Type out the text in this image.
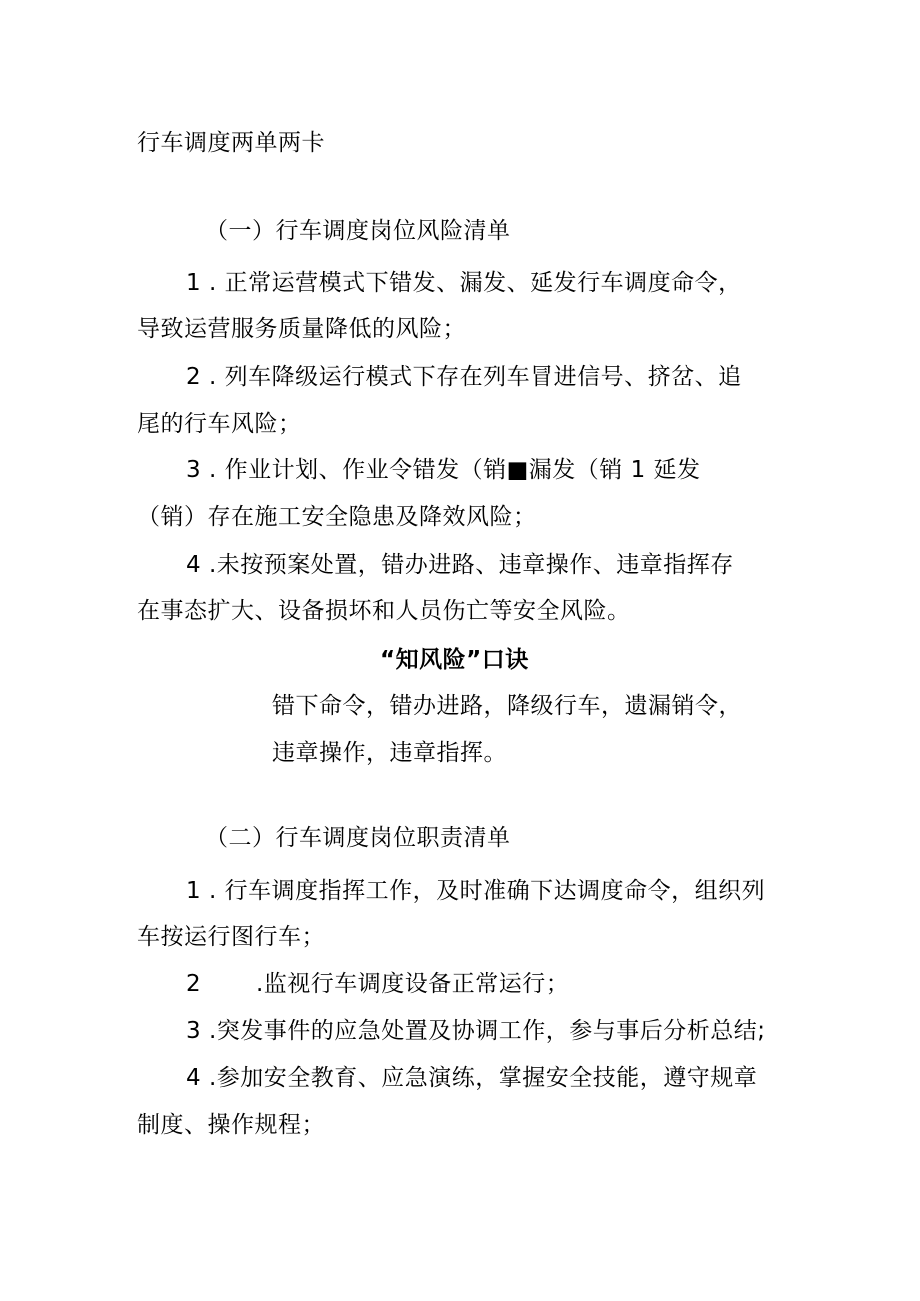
行车调度两单两卡
（一）行车调度岗位风险清单
1 . 正常运营模式下错发、漏发、延发行车调度命令，
导致运营服务质量降低的风险；
2 . 列车降级运行模式下存在列车冒进信号、挤岔、追
尾的行车风险；
3 . 作业计划、作业令错发（销■漏发（销 1 延发
（销）存在施工安全隐患及降效风险；
4 .未按预案处置，错办进路、违章操作、违章指挥存
在事态扩大、设备损坏和人员伤亡等安全风险。
“知风险”口诀
错下命令，错办进路，降级行车，遗漏销令，
违章操作，违章指挥。
（二）行车调度岗位职责清单
1 . 行车调度指挥工作，及时准确下达调度命令，组织列
车按运行图行车；
2　　 .监视行车调度设备正常运行；
3 .突发事件的应急处置及协调工作，参与事后分析总结;
4 .参加安全教育、应急演练，掌握安全技能，遵守规章
制度、操作规程；
